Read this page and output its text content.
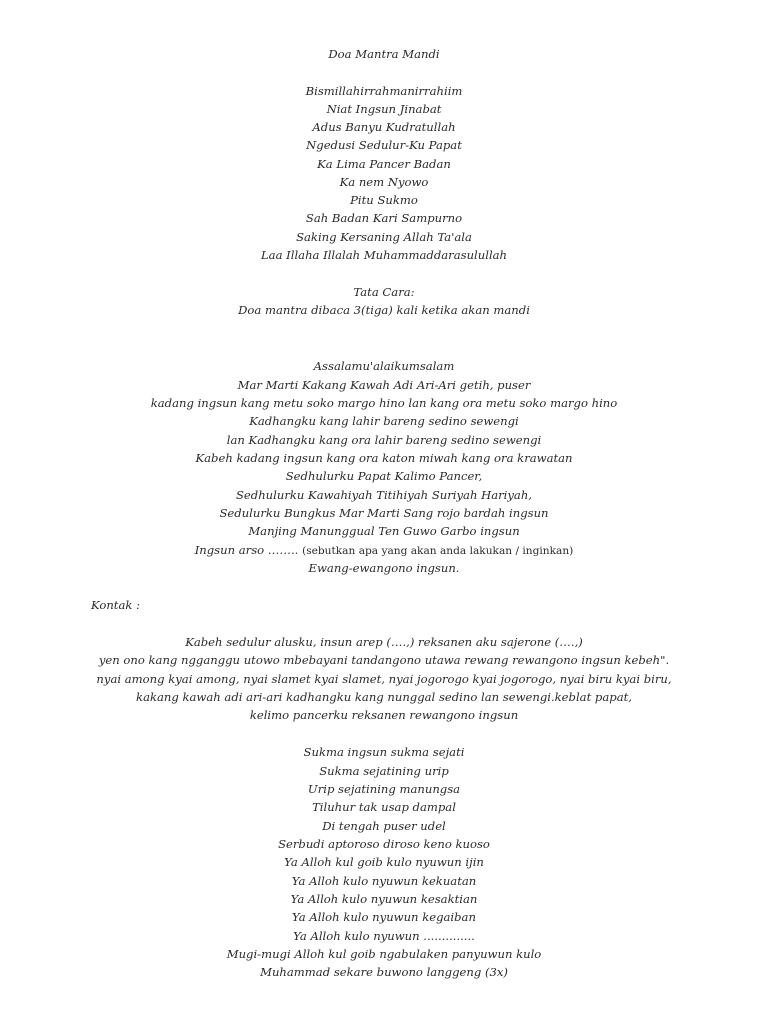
Doa Mantra Mandi
Bismillahirrahmanirrahiim
Niat Ingsun Jinabat
Adus Banyu Kudratullah
Ngedusi Sedulur-Ku Papat
Ka Lima Pancer Badan
Ka nem Nyowo
Pitu Sukmo
Sah Badan Kari Sampurno
Saking Kersaning Allah Ta'ala
Laa Illaha Illalah Muhammaddarasulullah
Tata Cara:
Doa mantra dibaca 3(tiga) kali ketika akan mandi
Assalamu'alaikumsalam
Mar Marti Kakang Kawah Adi Ari-Ari getih, puser
kadang ingsun kang metu soko margo hino lan kang ora metu soko margo hino
Kadhangku kang lahir bareng sedino sewengi
lan Kadhangku kang ora lahir bareng sedino sewengi
Kabeh kadang ingsun kang ora katon miwah kang ora krawatan
Sedhulurku Papat Kalimo Pancer,
Sedhulurku Kawahiyah Titihiyah Suriyah Hariyah,
Sedulurku Bungkus Mar Marti Sang rojo bardah ingsun
Manjing Manunggual Ten Guwo Garbo ingsun
Ingsun arso …….. (sebutkan apa yang akan anda lakukan / inginkan)
Ewang-ewangono ingsun.
Kontak :
Kabeh sedulur alusku, insun arep (….,) reksanen aku sajerone (….,)
yen ono kang ngganggu utowo mbebayani tandangono utawa rewang rewangono ingsun kebeh".
nyai among kyai among, nyai slamet kyai slamet, nyai jogorogo kyai jogorogo, nyai biru kyai biru,
kakang kawah adi ari-ari kadhangku kang nunggal sedino lan sewengi.keblat papat,
kelimo pancerku reksanen rewangono ingsun
Sukma ingsun sukma sejati
Sukma sejatining urip
Urip sejatining manungsa
Tiluhur tak usap dampal
Di tengah puser udel
Serbudi aptoroso diroso keno kuoso
Ya Alloh kul goib kulo nyuwun ijin
Ya Alloh kulo nyuwun kekuatan
Ya Alloh kulo nyuwun kesaktian
Ya Alloh kulo nyuwun kegaiban
Ya Alloh kulo nyuwun ..............
Mugi-mugi Alloh kul goib ngabulaken panyuwun kulo
Muhammad sekare buwono langgeng (3x)
